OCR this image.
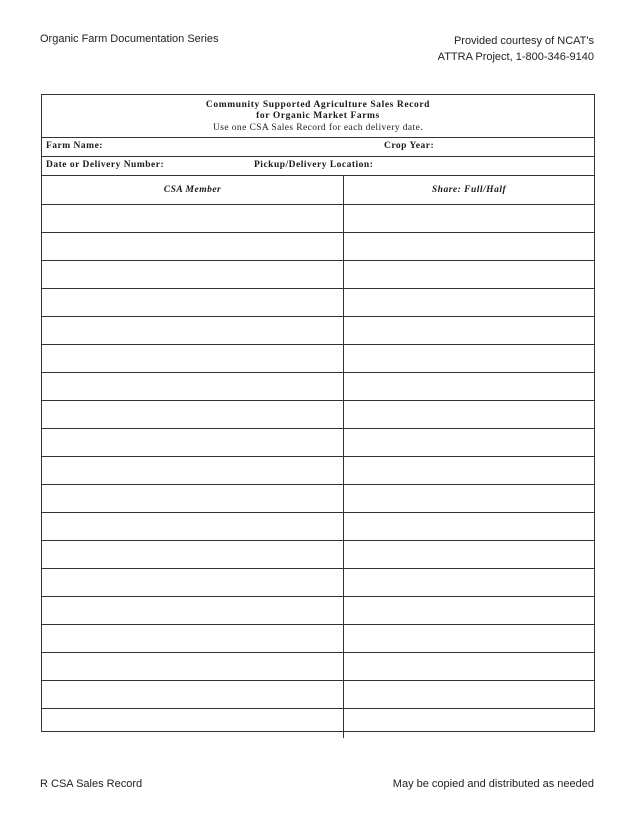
Organic Farm Documentation Series	Provided courtesy of NCAT's
ATTRA Project, 1-800-346-9140
Community Supported Agriculture Sales Record
for Organic Market Farms
Use one CSA Sales Record for each delivery date.
Farm Name:	Crop Year:
Date or Delivery Number:	Pickup/Delivery Location:
CSA Member	Share: Full/Half
R CSA Sales Record	May be copied and distributed as needed
